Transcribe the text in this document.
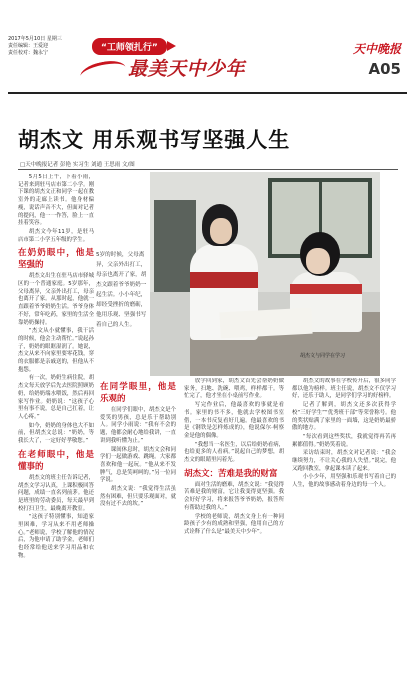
2017年5月10日 星期三
责任编辑：王爱迎
责任校对：魏永宁	“工师领扎行”
最美天中少年
天中晚报
A05
胡杰文 用乐观书写坚强人生
□天中晚报记者 彭艳 实习生 刘通 王思雨 文/图

5月5日上午，下着小雨，记者来到驻马店市第二小学。刚下课的胡杰文正和同学一起在教室外的走廊上读书。他身材偏瘦，说话声音不大，但面对记者的提问，他一一作答，脸上一直挂着笑容。

胡杰文今年11岁，是驻马店市第二小学五年级的学生。

在奶奶眼中，他是坚强的

胡杰文出生在驻马店市驿城区的一个普通家庭。5岁那年，父母离异，父亲外出打工，母亲也离开了家。从那时起，他就一直跟着爷爷奶奶生活。爷爷身体不好，常年吃药，家里的生活全靠奶奶操持。

“杰文从小就懂事，我干活的时候，他会主动帮忙。”说起孙子，奶奶的眼眶湿润了。她说，杰文从来不向家里要零花钱，穿的衣服都是亲戚送的，但他从不抱怨。

有一次，奶奶生病住院，胡杰文每天放学后先去医院照顾奶奶，给奶奶端水喂饭，然后再回家写作业。奶奶说：“这孩子心里有事不说，总是自己扛着，让人心疼。”

如今，奶奶的身体也大不如前，但胡杰文总说：“奶奶，等我长大了，一定好好孝敬您。”

在老师眼中，他是懂事的

胡杰文的班主任告诉记者，胡杰文学习认真，上课积极回答问题，成绩一直名列前茅。他还是班里的劳动委员，每天最早到校打扫卫生，最晚离开教室。

“这孩子特别懂事，知道家里困难，学习从来不用老师操心。”老师说，学校了解他的情况后，为他申请了助学金，老师们也经常给他送来学习用品和衣物。

5岁的时候，父母离异，父亲外出打工，母亲也离开了家，胡杰文跟着爷爷奶奶一起生活。小小年纪，却经受挫折的磨砺，他用乐观、坚强书写着自己的人生。
胡杰文与同学在学习
在同学眼里，他是乐观的

在同学们眼中，胡杰文是个爱笑的男孩，总是乐于帮助别人。同学小雨说：“我有不会的题，他都会耐心地给我讲，一直讲到我听懂为止。”

课间休息时，胡杰文会和同学们一起做游戏、跳绳。大家都喜欢和他一起玩。“他从来不发脾气，总是笑呵呵的。”另一位同学说。

胡杰文说：“我觉得生活虽然有困难，但只要乐观面对，就没有过不去的坎。”

放学回到家，胡杰文首先会帮奶奶做家务，扫地、洗碗、喂鸡，样样都干。等忙完了，他才坐在小桌前写作业。

写完作业后，他最喜欢的事就是看书。家里的书不多，他就去学校图书室借，一本书反复看好几遍。他最喜欢的书是《钢铁是怎样炼成的》，他说保尔·柯察金是他的偶像。

“我想当一名医生，以后给奶奶看病，也给更多的人看病。”说起自己的梦想，胡杰文的眼睛里闪着光。

胡杰文：苦难是我的财富

面对生活的磨难，胡杰文说：“我觉得苦难是我的财富，它让我变得更坚强。我会好好学习，将来报答爷爷奶奶，报答所有帮助过我的人。”

学校的老师说，胡杰文身上有一种同龄孩子少有的成熟和坚强，他用自己的方式诠释了什么是“最美天中少年”。

胡杰文的故事在学校传开后，很多同学都以他为榜样。班主任说，胡杰文不仅学习好，还乐于助人，是同学们学习的好榜样。

记者了解到，胡杰文还多次获得学校“三好学生”“优秀班干部”等荣誉称号。他的奖状贴满了家里的一面墙，这是奶奶最骄傲的地方。

“每次看到这些奖状，我就觉得再苦再累都值得。”奶奶笑着说。

采访结束时，胡杰文对记者说：“我会继续努力，不让关心我的人失望。”说完，他又跑回教室，拿起课本读了起来。

小小少年，用坚强和乐观书写着自己的人生，他的故事感动着身边的每一个人。
